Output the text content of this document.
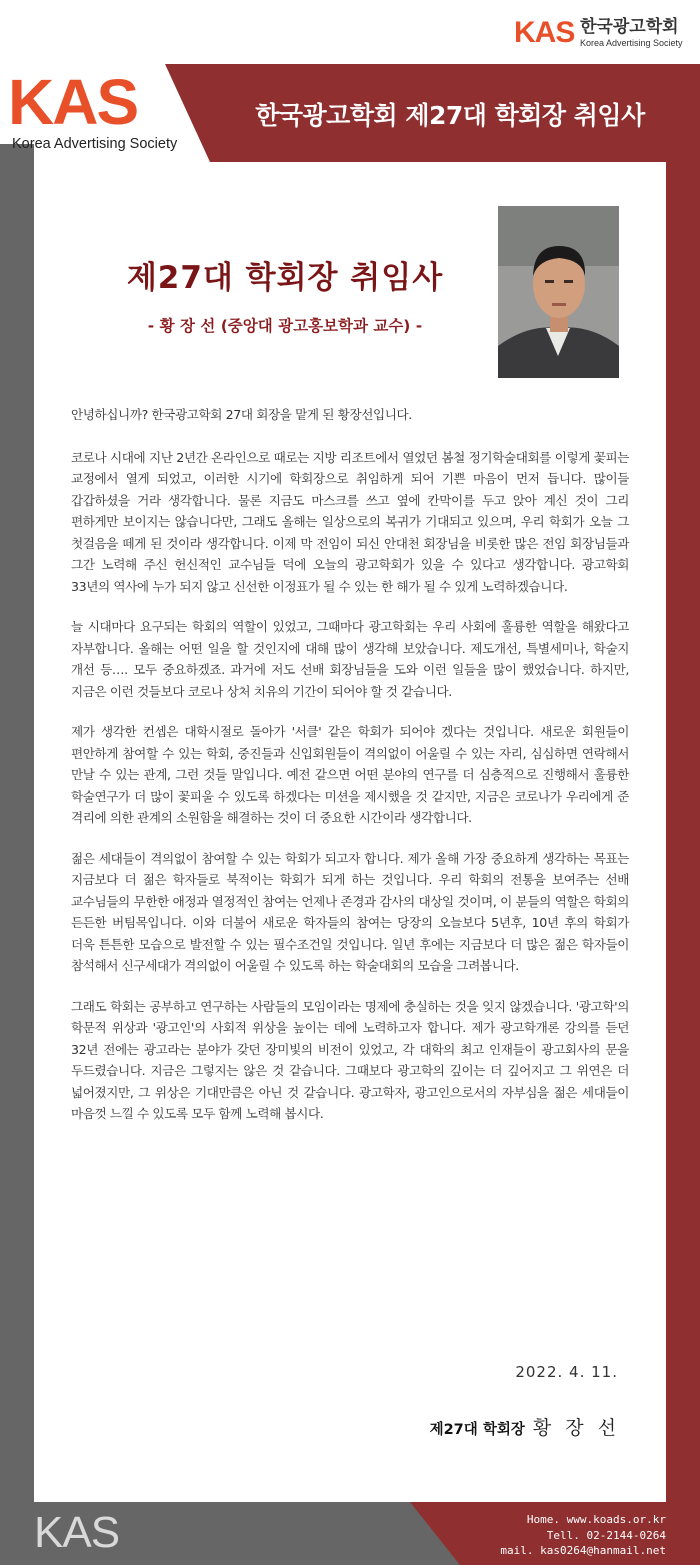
KAS 한국광고학회
Korea Advertising Society
KAS
Korea Advertising Society
한국광고학회 제27대 학회장 취임사
제27대 학회장 취임사
- 황 장 선 (중앙대 광고홍보학과 교수) -

안녕하십니까? 한국광고학회 27대 회장을 맡게 된 황장선입니다.

코로나 시대에 지난 2년간 온라인으로 때로는 지방 리조트에서 열었던 봄철 정기학술대회를 이렇게 꽃피는 교정에서 열게 되었고, 이러한 시기에 학회장으로 취임하게 되어 기쁜 마음이 먼저 듭니다. 많이들 갑갑하셨을 거라 생각합니다. 물론 지금도 마스크를 쓰고 옆에 칸막이를 두고 앉아 계신 것이 그리 편하게만 보이지는 않습니다만, 그래도 올해는 일상으로의 복귀가 기대되고 있으며, 우리 학회가 오늘 그 첫걸음을 떼게 된 것이라 생각합니다. 이제 막 전임이 되신 안대천 회장님을 비롯한 많은 전임 회장님들과 그간 노력해 주신 헌신적인 교수님들 덕에 오늘의 광고학회가 있을 수 있다고 생각합니다. 광고학회 33년의 역사에 누가 되지 않고 신선한 이정표가 될 수 있는 한 해가 될 수 있게 노력하겠습니다.

늘 시대마다 요구되는 학회의 역할이 있었고, 그때마다 광고학회는 우리 사회에 훌륭한 역할을 해왔다고 자부합니다. 올해는 어떤 일을 할 것인지에 대해 많이 생각해 보았습니다. 제도개선, 특별세미나, 학술지 개선 등…. 모두 중요하겠죠. 과거에 저도 선배 회장님들을 도와 이런 일들을 많이 했었습니다. 하지만, 지금은 이런 것들보다 코로나 상처 치유의 기간이 되어야 할 것 같습니다.

제가 생각한 컨셉은 대학시절로 돌아가 '서클' 같은 학회가 되어야 겠다는 것입니다. 새로운 회원들이 편안하게 참여할 수 있는 학회, 중진들과 신입회원들이 격의없이 어울릴 수 있는 자리, 심심하면 연락해서 만날 수 있는 관계, 그런 것들 말입니다. 예전 같으면 어떤 분야의 연구를 더 심층적으로 진행해서 훌륭한 학술연구가 더 많이 꽃피울 수 있도록 하겠다는 미션을 제시했을 것 같지만, 지금은 코로나가 우리에게 준 격리에 의한 관계의 소원함을 해결하는 것이 더 중요한 시간이라 생각합니다.

젊은 세대들이 격의없이 참여할 수 있는 학회가 되고자 합니다. 제가 올해 가장 중요하게 생각하는 목표는 지금보다 더 젊은 학자들로 북적이는 학회가 되게 하는 것입니다. 우리 학회의 전통을 보여주는 선배 교수님들의 무한한 애정과 열정적인 참여는 언제나 존경과 감사의 대상일 것이며, 이 분들의 역할은 학회의 든든한 버팀목입니다. 이와 더불어 새로운 학자들의 참여는 당장의 오늘보다 5년후, 10년 후의 학회가 더욱 튼튼한 모습으로 발전할 수 있는 필수조건일 것입니다. 일년 후에는 지금보다 더 많은 젊은 학자들이 참석해서 신구세대가 격의없이 어울릴 수 있도록 하는 학술대회의 모습을 그려봅니다.

그래도 학회는 공부하고 연구하는 사람들의 모임이라는 명제에 충실하는 것을 잊지 않겠습니다. '광고학'의 학문적 위상과 '광고인'의 사회적 위상을 높이는 데에 노력하고자 합니다. 제가 광고학개론 강의를 듣던 32년 전에는 광고라는 분야가 갖던 장미빛의 비전이 있었고, 각 대학의 최고 인재들이 광고회사의 문을 두드렸습니다. 지금은 그렇지는 않은 것 같습니다. 그때보다 광고학의 깊이는 더 깊어지고 그 위연은 더 넓어졌지만, 그 위상은 기대만큼은 아닌 것 같습니다. 광고학자, 광고인으로서의 자부심을 젊은 세대들이 마음껏 느낄 수 있도록 모두 함께 노력해 봅시다.

2022. 4. 11.
제27대 학회장 황 장 선
KAS	Home. www.koads.or.kr
Tell. 02-2144-0264
mail. kas0264@hanmail.net
